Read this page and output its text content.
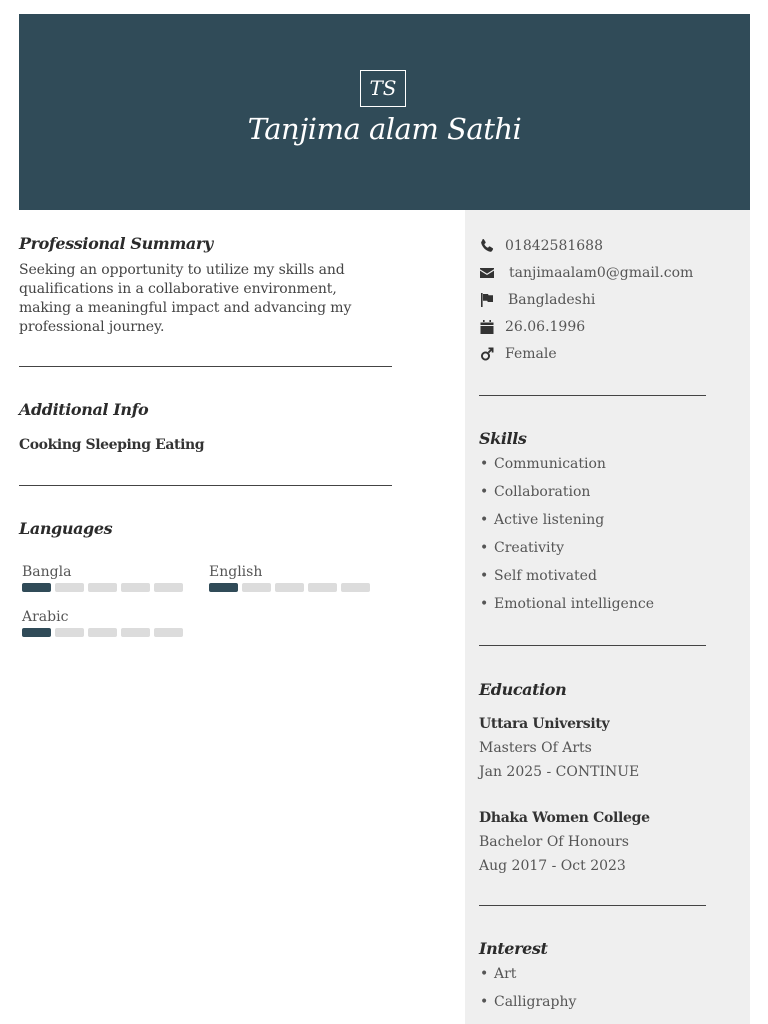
TS
Tanjima alam Sathi
Professional Summary
Seeking an opportunity to utilize my skills and qualifications in a collaborative environment, making a meaningful impact and advancing my professional journey.
Additional Info
Cooking Sleeping Eating
Languages
Bangla	English
Arabic
01842581688
tanjimaalam0@gmail.com
Bangladeshi
26.06.1996
Female
Skills
• Communication
• Collaboration
• Active listening
• Creativity
• Self motivated
• Emotional intelligence
Education
Uttara University
Masters Of Arts
Jan 2025 - CONTINUE
Dhaka Women College
Bachelor Of Honours
Aug 2017 - Oct 2023
Interest
• Art
• Calligraphy
